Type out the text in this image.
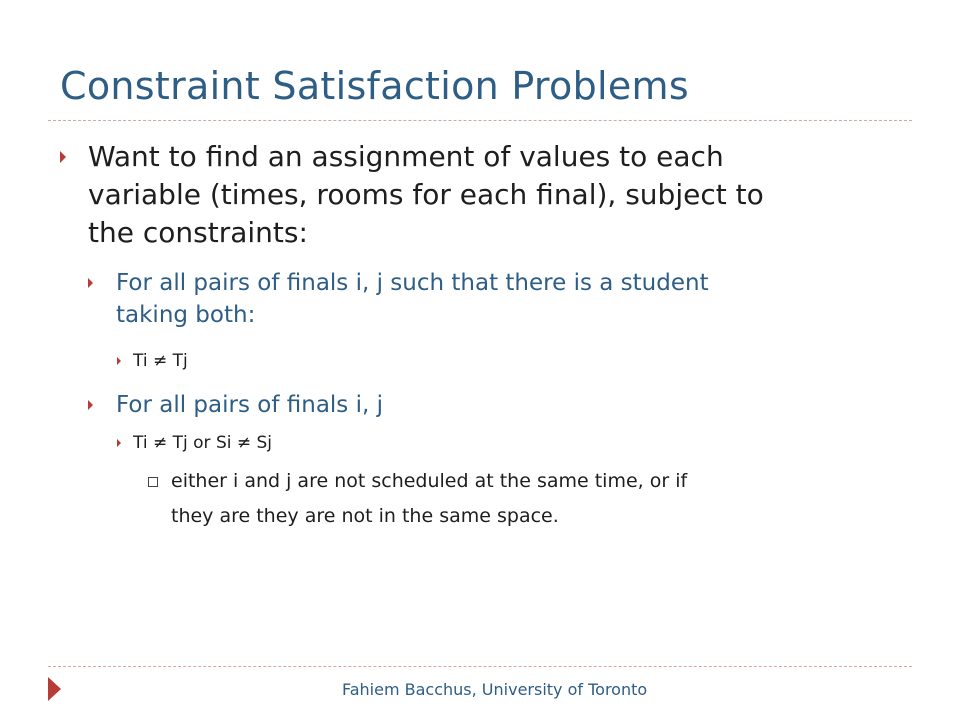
Constraint Satisfaction Problems
Want to find an assignment of values to each
variable (times, rooms for each final), subject to
the constraints:
For all pairs of finals i, j such that there is a student
taking both:
Ti ≠ Tj
For all pairs of finals i, j
Ti ≠ Tj or Si ≠ Sj
either i and j are not scheduled at the same time, or if
they are they are not in the same space.
Fahiem Bacchus, University of Toronto
